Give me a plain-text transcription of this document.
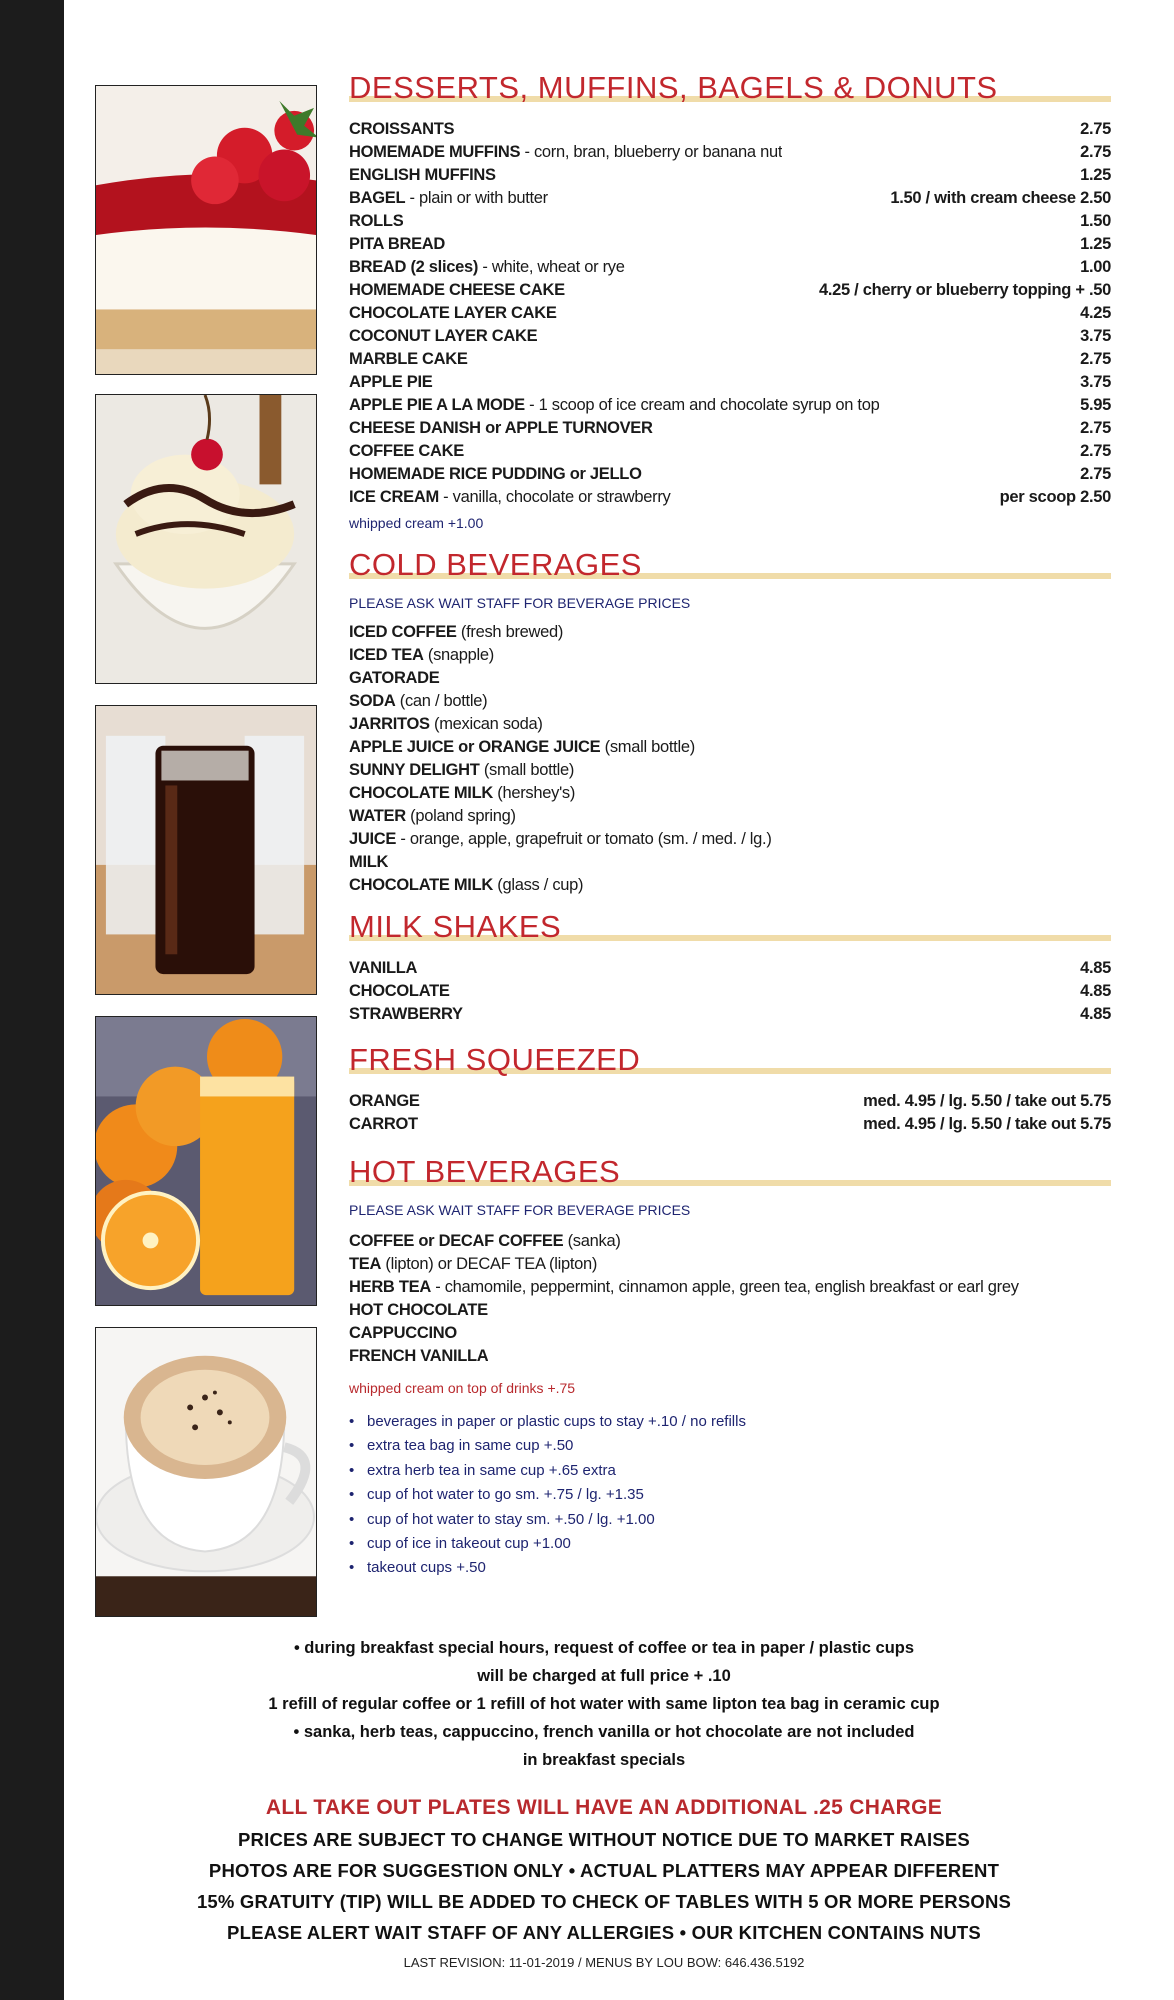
DESSERTS, MUFFINS, BAGELS & DONUTS
CROISSANTS	2.75
HOMEMADE MUFFINS - corn, bran, blueberry or banana nut	2.75
ENGLISH MUFFINS	1.25
BAGEL - plain or with butter	1.50 / with cream cheese 2.50
ROLLS	1.50
PITA BREAD	1.25
BREAD (2 slices) - white, wheat or rye	1.00
HOMEMADE CHEESE CAKE	4.25 / cherry or blueberry topping + .50
CHOCOLATE LAYER CAKE	4.25
COCONUT LAYER CAKE	3.75
MARBLE CAKE	2.75
APPLE PIE	3.75
APPLE PIE A LA MODE - 1 scoop of ice cream and chocolate syrup on top	5.95
CHEESE DANISH or APPLE TURNOVER	2.75
COFFEE CAKE	2.75
HOMEMADE RICE PUDDING or JELLO	2.75
ICE CREAM - vanilla, chocolate or strawberry	per scoop 2.50
whipped cream +1.00
COLD BEVERAGES
PLEASE ASK WAIT STAFF FOR BEVERAGE PRICES
ICED COFFEE (fresh brewed)
ICED TEA (snapple)
GATORADE
SODA (can / bottle)
JARRITOS (mexican soda)
APPLE JUICE or ORANGE JUICE (small bottle)
SUNNY DELIGHT (small bottle)
CHOCOLATE MILK (hershey's)
WATER (poland spring)
JUICE - orange, apple, grapefruit or tomato (sm. / med. / lg.)
MILK
CHOCOLATE MILK (glass / cup)
MILK SHAKES
VANILLA	4.85
CHOCOLATE	4.85
STRAWBERRY	4.85
FRESH SQUEEZED
ORANGE	med. 4.95 / lg. 5.50 / take out 5.75
CARROT	med. 4.95 / lg. 5.50 / take out 5.75
HOT BEVERAGES
PLEASE ASK WAIT STAFF FOR BEVERAGE PRICES
COFFEE or DECAF COFFEE (sanka)
TEA (lipton) or DECAF TEA (lipton)
HERB TEA - chamomile, peppermint, cinnamon apple, green tea, english breakfast or earl grey
HOT CHOCOLATE
CAPPUCCINO
FRENCH VANILLA
whipped cream on top of drinks +.75
• beverages in paper or plastic cups to stay +.10 / no refills
• extra tea bag in same cup +.50
• extra herb tea in same cup +.65 extra
• cup of hot water to go sm. +.75 / lg. +1.35
• cup of hot water to stay sm. +.50 / lg. +1.00
• cup of ice in takeout cup +1.00
• takeout cups +.50
• during breakfast special hours, request of coffee or tea in paper / plastic cups
will be charged at full price + .10
1 refill of regular coffee or 1 refill of hot water with same lipton tea bag in ceramic cup
• sanka, herb teas, cappuccino, french vanilla or hot chocolate are not included
in breakfast specials
ALL TAKE OUT PLATES WILL HAVE AN ADDITIONAL .25 CHARGE
PRICES ARE SUBJECT TO CHANGE WITHOUT NOTICE DUE TO MARKET RAISES
PHOTOS ARE FOR SUGGESTION ONLY • ACTUAL PLATTERS MAY APPEAR DIFFERENT
15% GRATUITY (TIP) WILL BE ADDED TO CHECK OF TABLES WITH 5 OR MORE PERSONS
PLEASE ALERT WAIT STAFF OF ANY ALLERGIES • OUR KITCHEN CONTAINS NUTS
LAST REVISION: 11-01-2019 / MENUS BY LOU BOW: 646.436.5192
